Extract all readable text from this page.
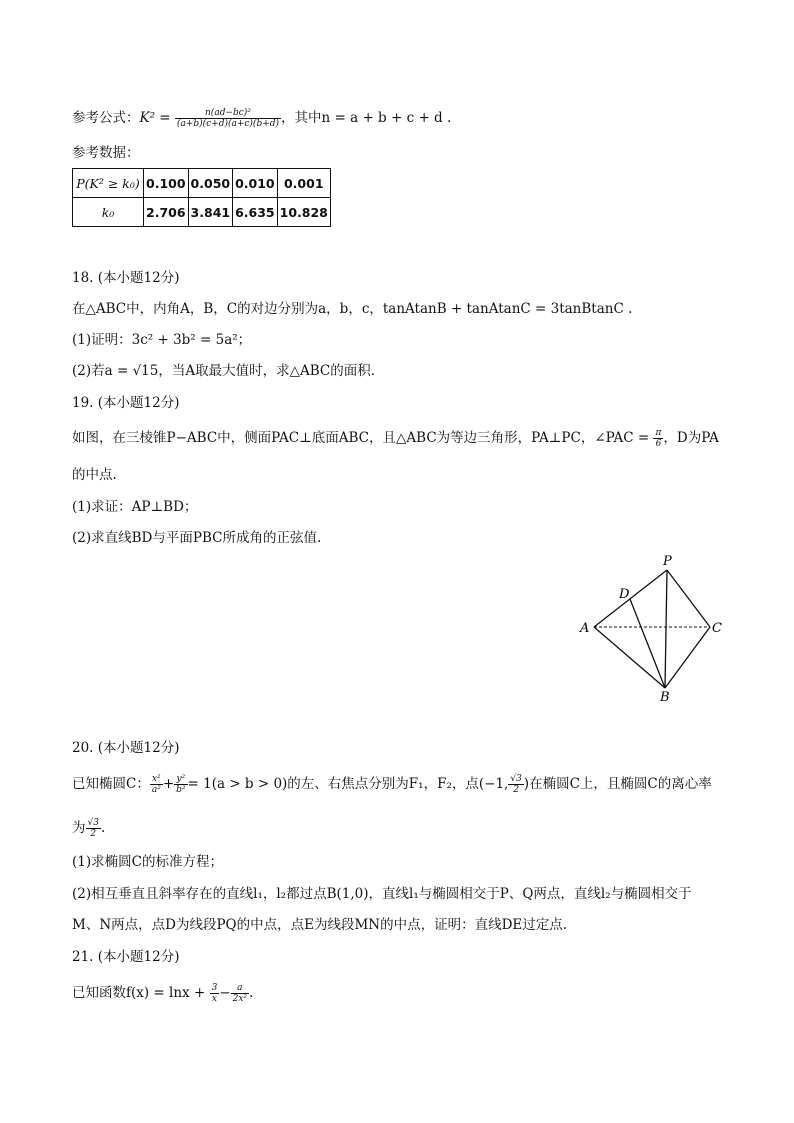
参考公式：$K^2 = \frac{\text{n(ad−bc)²}}{(a+b)(c+d)(a+c)(b+d)}$ ，其中n = a + b + c + d .
参考数据：
P(K² ≥ k₀)	0.100	0.050	0.010	0.001
k₀	2.706	3.841	6.635	10.828
18. (本小题12分)
在△ABC中，内角A，B，C的对边分别为a，b，c，tanAtanB + tanAtanC = 3tanBtanC .
(1)证明：3c² + 3b² = 5a²；
(2)若a = √15，当A取最大值时，求△ABC的面积.
19. (本小题12分)
如图，在三棱锥P−ABC中，侧面PAC⊥底面ABC，且△ABC为等边三角形，PA⊥PC，∠PAC = $\frac{\pi}{6}$ ，D为PA
的中点.
(1)求证：AP⊥BD；
(2)求直线BD与平面PBC所成角的正弦值.
P
D
A	C
B
20. (本小题12分)
已知椭圆C： $\frac{\text{x²}}{\text{a²}} + \frac{\text{y²}}{\text{b²}} = 1(a > b > 0)$的左、右焦点分别为F₁，F₂，点(−1, $\frac{√3}{2}$ )在椭圆C上，且椭圆C的离心率
为 $\frac{√3}{2}$ .
(1)求椭圆C的标准方程；
(2)相互垂直且斜率存在的直线l₁，l₂都过点B(1,0)，直线l₁与椭圆相交于P、Q两点，直线l₂与椭圆相交于
M、N两点，点D为线段PQ的中点，点E为线段MN的中点，证明：直线DE过定点.
21. (本小题12分)
已知函数$f(x) = \ln x + \frac{3}{x} - \frac{a}{\text{2x²}}$ .
